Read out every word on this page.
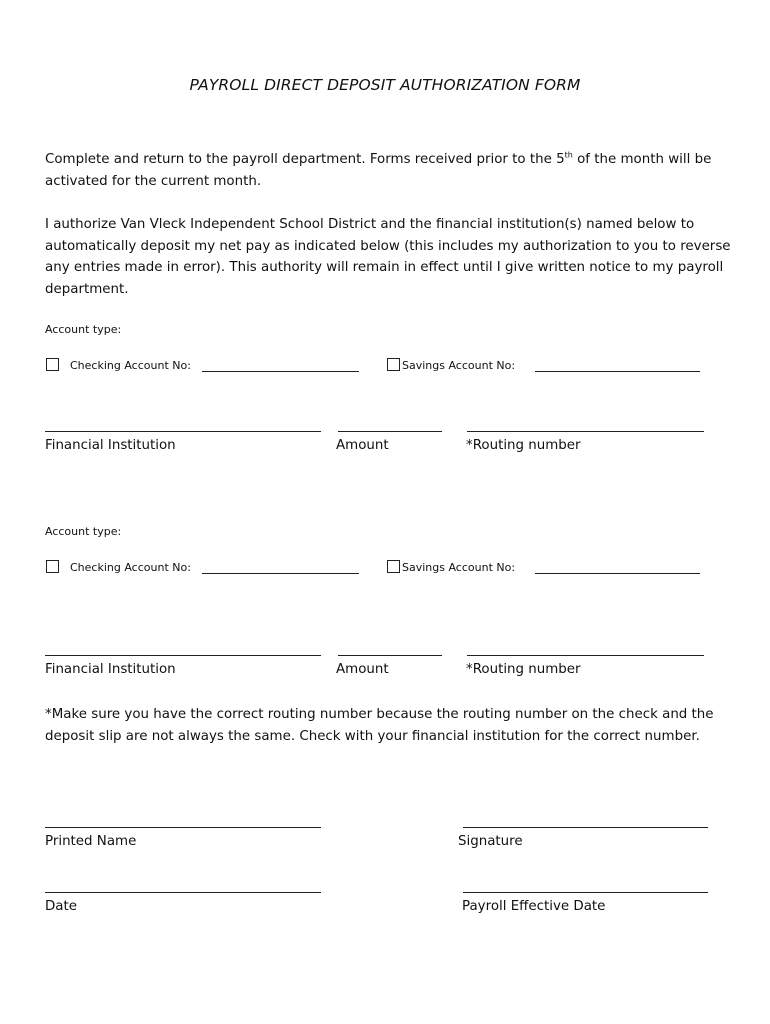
PAYROLL DIRECT DEPOSIT AUTHORIZATION FORM

Complete and return to the payroll department. Forms received prior to the 5th of the month will be activated for the current month.

I authorize Van Vleck Independent School District and the financial institution(s) named below to automatically deposit my net pay as indicated below (this includes my authorization to you to reverse any entries made in error). This authority will remain in effect until I give written notice to my payroll department.

Account type:
Checking Account No:	Savings Account No:
Financial Institution	Amount	*Routing number
Account type:
Checking Account No:	Savings Account No:
Financial Institution	Amount	*Routing number

*Make sure you have the correct routing number because the routing number on the check and the deposit slip are not always the same. Check with your financial institution for the correct number.

Printed Name	Signature
Date	Payroll Effective Date
